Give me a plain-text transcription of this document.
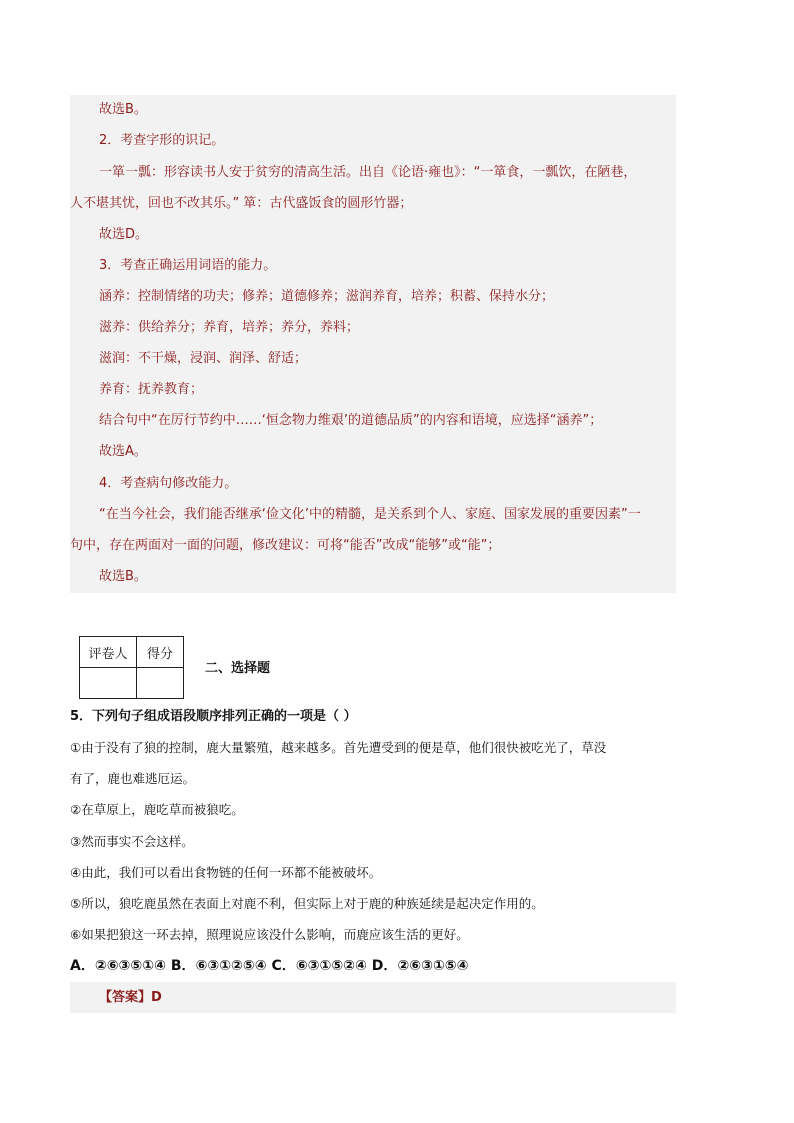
故选B。
2．考查字形的识记。
一箪一瓢：形容读书人安于贫穷的清高生活。出自《论语·雍也》：“一箪食，一瓢饮，在陋巷，
人不堪其忧，回也不改其乐。” 箪：古代盛饭食的圆形竹器；
故选D。
3．考查正确运用词语的能力。
涵养：控制情绪的功夫；修养；道德修养；滋润养育，培养；积蓄、保持水分；
滋养：供给养分；养育，培养；养分，养料；
滋润：不干燥，浸润、润泽、舒适；
养育：抚养教育；
结合句中“在厉行节约中……‘恒念物力维艰’的道德品质”的内容和语境，应选择“涵养”；
故选A。
4．考查病句修改能力。
“在当今社会，我们能否继承‘俭文化’中的精髓，是关系到个人、家庭、国家发展的重要因素”一
句中，存在两面对一面的问题，修改建议：可将“能否”改成“能够”或“能”；
故选B。
评卷人	得分

二、选择题
5．下列句子组成语段顺序排列正确的一项是（ ）
①由于没有了狼的控制，鹿大量繁殖，越来越多。首先遭受到的便是草，他们很快被吃光了，草没
有了，鹿也难逃厄运。
②在草原上，鹿吃草而被狼吃。
③然而事实不会这样。
④由此，我们可以看出食物链的任何一环都不能被破坏。
⑤所以，狼吃鹿虽然在表面上对鹿不利，但实际上对于鹿的种族延续是起决定作用的。
⑥如果把狼这一环去掉，照理说应该没什么影响，而鹿应该生活的更好。
A．②⑥③⑤①④ B．⑥③①②⑤④ C．⑥③①⑤②④ D．②⑥③①⑤④
【答案】D
